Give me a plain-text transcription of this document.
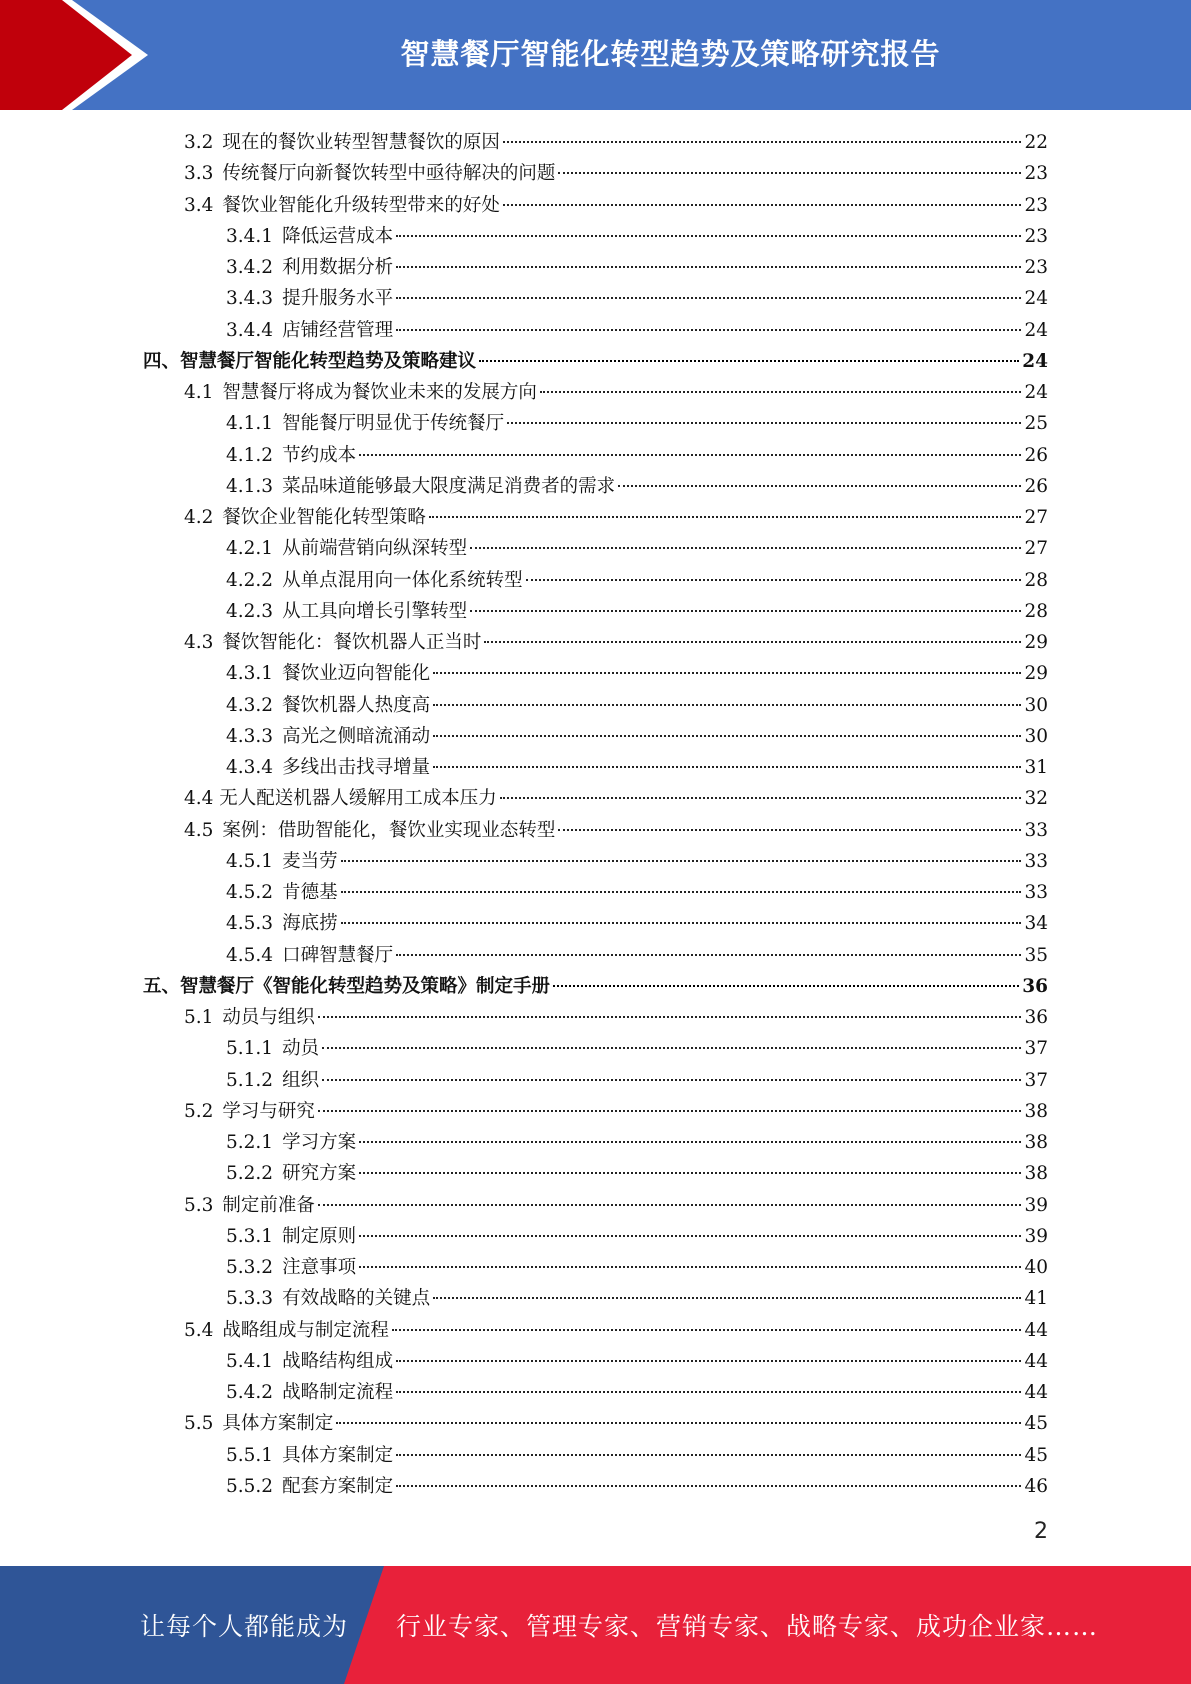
智慧餐厅智能化转型趋势及策略研究报告
3.2 现在的餐饮业转型智慧餐饮的原因	22
3.3 传统餐厅向新餐饮转型中亟待解决的问题	23
3.4 餐饮业智能化升级转型带来的好处	23
3.4.1 降低运营成本	23
3.4.2 利用数据分析	23
3.4.3 提升服务水平	24
3.4.4 店铺经营管理	24
四、智慧餐厅智能化转型趋势及策略建议	24
4.1 智慧餐厅将成为餐饮业未来的发展方向	24
4.1.1 智能餐厅明显优于传统餐厅	25
4.1.2 节约成本	26
4.1.3 菜品味道能够最大限度满足消费者的需求	26
4.2 餐饮企业智能化转型策略	27
4.2.1 从前端营销向纵深转型	27
4.2.2 从单点混用向一体化系统转型	28
4.2.3 从工具向增长引擎转型	28
4.3 餐饮智能化：餐饮机器人正当时	29
4.3.1 餐饮业迈向智能化	29
4.3.2 餐饮机器人热度高	30
4.3.3 高光之侧暗流涌动	30
4.3.4 多线出击找寻增量	31
4.4 无人配送机器人缓解用工成本压力	32
4.5 案例：借助智能化，餐饮业实现业态转型	33
4.5.1 麦当劳	33
4.5.2 肯德基	33
4.5.3 海底捞	34
4.5.4 口碑智慧餐厅	35
五、智慧餐厅《智能化转型趋势及策略》制定手册	36
5.1 动员与组织	36
5.1.1 动员	37
5.1.2 组织	37
5.2 学习与研究	38
5.2.1 学习方案	38
5.2.2 研究方案	38
5.3 制定前准备	39
5.3.1 制定原则	39
5.3.2 注意事项	40
5.3.3 有效战略的关键点	41
5.4 战略组成与制定流程	44
5.4.1 战略结构组成	44
5.4.2 战略制定流程	44
5.5 具体方案制定	45
5.5.1 具体方案制定	45
5.5.2 配套方案制定	46
2
让每个人都能成为 行业专家、管理专家、营销专家、战略专家、成功企业家……
